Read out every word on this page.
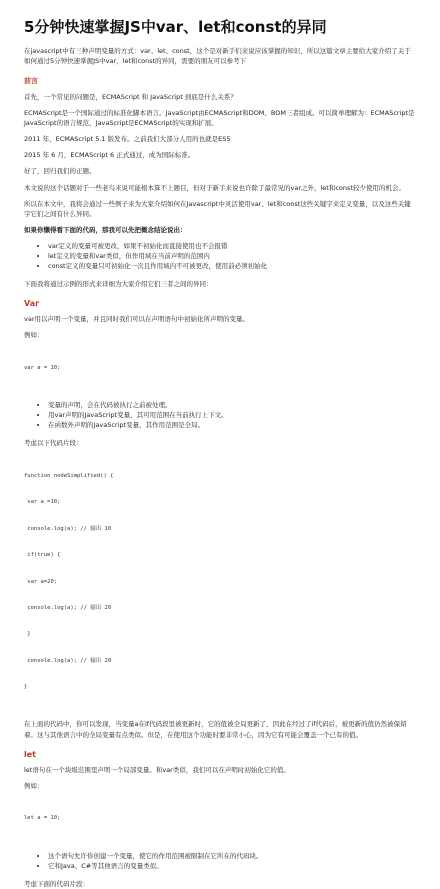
5分钟快速掌握JS中var、let和const的异同
在javascript中有三种声明变量的方式：var、let、const，这个是对新手们来说应该掌握的知识，所以这篇文章主要给大家介绍了关于如何通过5分钟快速掌握JS中var，let和const的异同，需要的朋友可以参考下
前言
首先，一个常见的问题是，ECMAScript 和 JavaScript 到底是什么关系？
ECMAScript是一个国际通过的标准化脚本语言。JavaScript由ECMAScript和DOM、BOM三者组成。可以简单理解为：ECMAScript是JavaScript的语言规范，JavaScript是ECMAScript的实现和扩展。
2011 年，ECMAScript 5.1 版发布。之前我们大部分人用的也就是ES5
2015 年 6 月，ECMAScript 6 正式通过，成为国际标准。
好了，回归我们的正题。
本文说的这个话题对于一些老鸟来说可能根本算不上题目，但对于新手来说也许除了最常见的var之外，let和const较少使用的机会。
所以在本文中，我将会通过一些例子来为大家介绍如何在Javascript中灵活使用var、let和const这些关键字来定义变量，以及这些关键字它们之间有什么异同。
如果你懒得看下面的代码，那我可以先把概念结论说出：
• var定义的变量可被更改，如果不初始化而直接使用也不会报错
• let定义的变量和var类似，但作用域在当前声明的范围内
• const定义的变量只可初始化一次且作用域内不可被更改，使用前必须初始化
下面我将通过示例的形式来详细为大家介绍它们三者之间的异同：
Var
var用以声明一个变量，并且同时我们可以在声明语句中初始化所声明的变量。
例如：

var a = 10;

• 变量的声明，会在代码被执行之前被处理。
• 用var声明的JavaScript变量，其可用范围在当前执行上下文。
• 在函数外声明的JavaScript变量，其作用范围是全局。
考虑以下代码片段：

function nodeSimplified() {

var a =10;

console.log(a); // 输出 10

if(true) {

var a=20;

console.log(a); // 输出 20

}

console.log(a); // 输出 20

}

在上面的代码中，你可以发现，当变量a在if代码段里被更新时，它的值被全局更新了，因此在经过了if代码后，被更新的值仍然被保留着。这与其他语言中的全局变量有点类似。但是，在使用这个功能时要非常小心，因为它有可能会覆盖一个已有的值。
let
let语句在一个块级范围里声明一个局部变量。和var类似，我们可以在声明时初始化它的值。
例如：

let a = 10;

• 这个语句允许你创建一个变量，使它的作用范围被限制在它所在的代码块。
• 它和Java、C#等其他语言的变量类似。
考虑下面的代码片段：
